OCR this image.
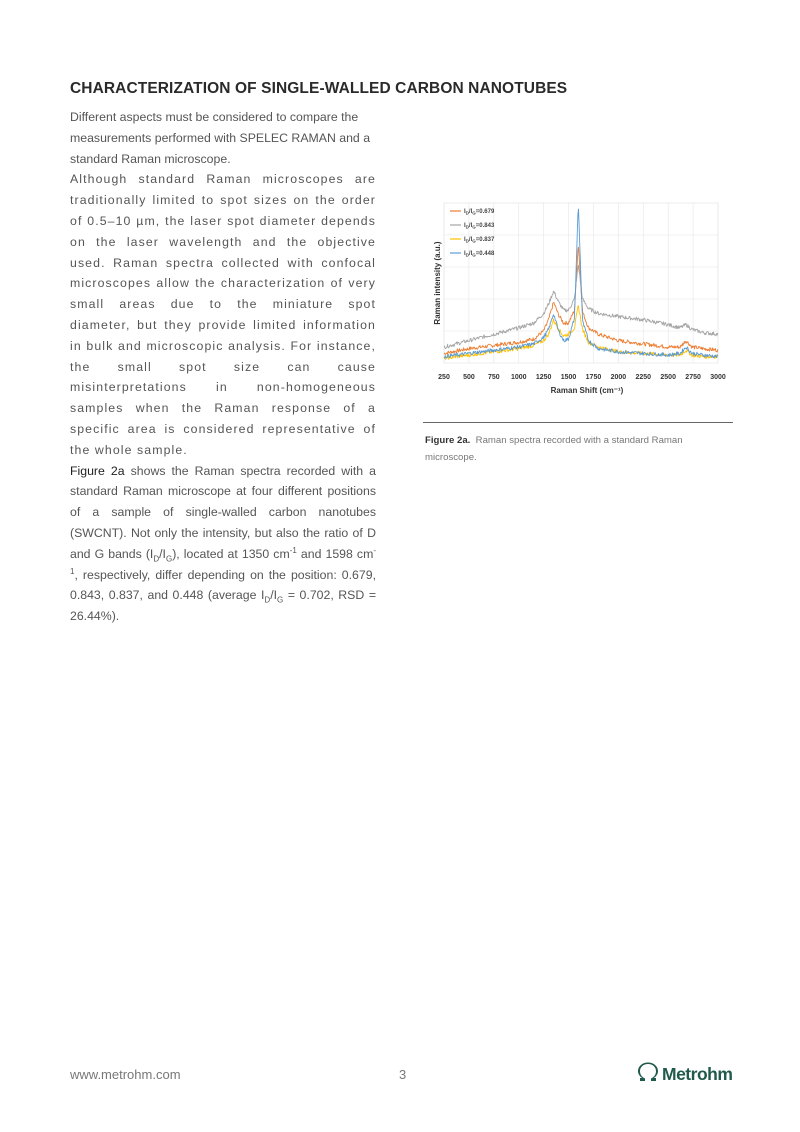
CHARACTERIZATION OF SINGLE-WALLED CARBON NANOTUBES

Different aspects must be considered to compare the measurements performed with SPELEC RAMAN and a standard Raman microscope.

Although standard Raman microscopes are traditionally limited to spot sizes on the order of 0.5–10 µm, the laser spot diameter depends on the laser wavelength and the objective used. Raman spectra collected with confocal microscopes allow the characterization of very small areas due to the miniature spot diameter, but they provide limited information in bulk and microscopic analysis. For instance, the small spot size can cause misinterpretations in non-homogeneous samples when the Raman response of a specific area is considered representative of the whole sample.

Figure 2a shows the Raman spectra recorded with a standard Raman microscope at four different positions of a sample of single-walled carbon nanotubes (SWCNT). Not only the intensity, but also the ratio of D and G bands $(I_D/I_G)$, located at 1350 $cm^{-1}$ and 1598 $cm^{-1}$, respectively, differ depending on the position: 0.679, 0.843, 0.837, and 0.448 (average $I_D/I_G = 0.702$, RSD = 26.44%).

$I_D/I_G=0.679$
$I_D/I_G=0.843$
$I_D/I_G=0.837$
$I_D/I_G=0.448$
250 500 750 1000 1250 1500 1750 2000 2250 2500 2750 3000
Raman Shift (cm⁻¹)
Raman intensity (a.u.)
Figure 2a. Raman spectra recorded with a standard Raman microscope.
www.metrohm.com	3	Metrohm
